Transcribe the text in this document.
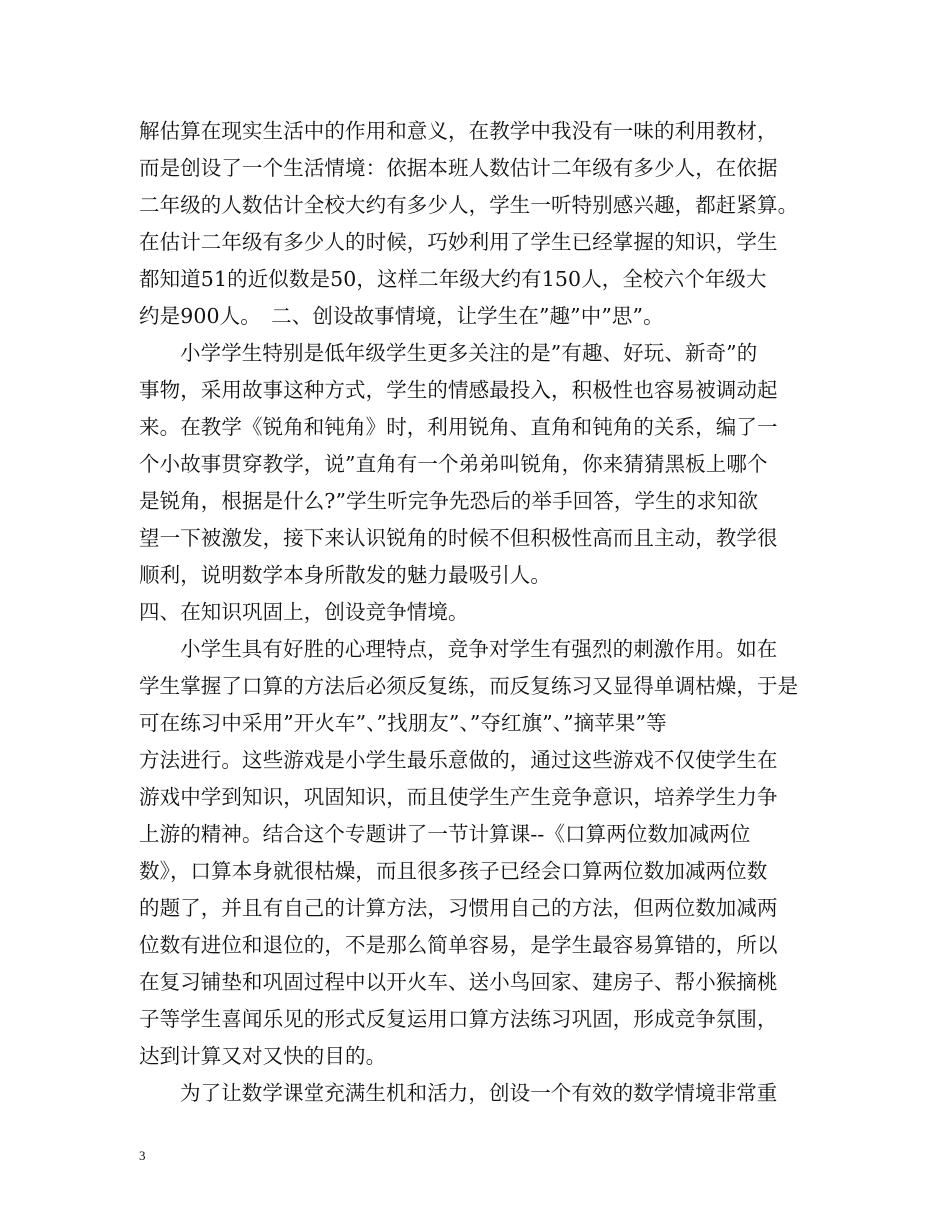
解估算在现实生活中的作用和意义，在教学中我没有一味的利用教材，
而是创设了一个生活情境：依据本班人数估计二年级有多少人，在依据
二年级的人数估计全校大约有多少人，学生一听特别感兴趣，都赶紧算。
在估计二年级有多少人的时候，巧妙利用了学生已经掌握的知识，学生
都知道51的近似数是50，这样二年级大约有150人，全校六个年级大
约是900人。　二、创设故事情境，让学生在”趣”中”思”。
小学学生特别是低年级学生更多关注的是”有趣、好玩、新奇”的
事物，采用故事这种方式，学生的情感最投入，积极性也容易被调动起
来。在教学《锐角和钝角》时，利用锐角、直角和钝角的关系，编了一
个小故事贯穿教学，说”直角有一个弟弟叫锐角，你来猜猜黑板上哪个
是锐角，根据是什么?”学生听完争先恐后的举手回答，学生的求知欲
望一下被激发，接下来认识锐角的时候不但积极性高而且主动，教学很
顺利，说明数学本身所散发的魅力最吸引人。
四、在知识巩固上，创设竞争情境。
小学生具有好胜的心理特点，竞争对学生有强烈的刺激作用。如在
学生掌握了口算的方法后必须反复练，而反复练习又显得单调枯燥，于是
可在练习中采用”开火车”、”找朋友”、”夺红旗”、”摘苹果”等
方法进行。这些游戏是小学生最乐意做的，通过这些游戏不仅使学生在
游戏中学到知识，巩固知识，而且使学生产生竞争意识，培养学生力争
上游的精神。结合这个专题讲了一节计算课--《口算两位数加减两位
数》，口算本身就很枯燥，而且很多孩子已经会口算两位数加减两位数
的题了，并且有自己的计算方法，习惯用自己的方法，但两位数加减两
位数有进位和退位的，不是那么简单容易，是学生最容易算错的，所以
在复习铺垫和巩固过程中以开火车、送小鸟回家、建房子、帮小猴摘桃
子等学生喜闻乐见的形式反复运用口算方法练习巩固，形成竞争氛围，
达到计算又对又快的目的。
为了让数学课堂充满生机和活力，创设一个有效的数学情境非常重
3
